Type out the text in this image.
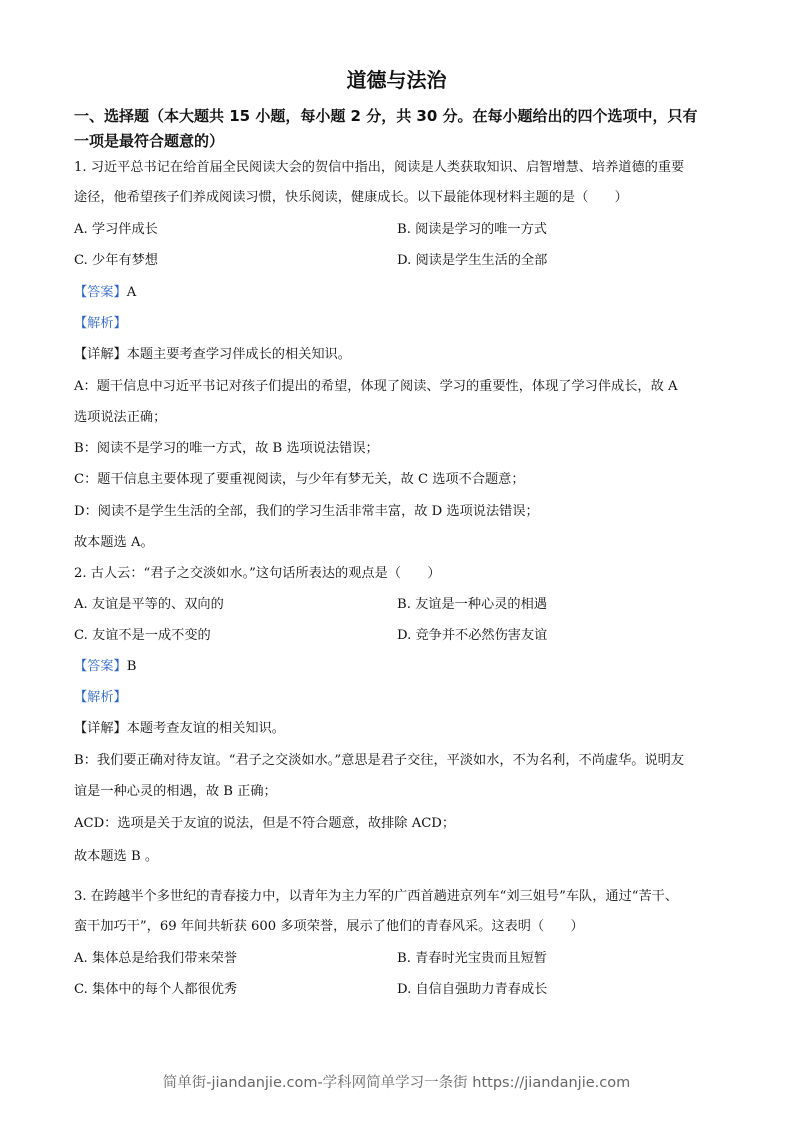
道德与法治
一、选择题（本大题共 15 小题，每小题 2 分，共 30 分。在每小题给出的四个选项中，只有
一项是最符合题意的）
1. 习近平总书记在给首届全民阅读大会的贺信中指出，阅读是人类获取知识、启智增慧、培养道德的重要
途径，他希望孩子们养成阅读习惯，快乐阅读，健康成长。以下最能体现材料主题的是（　　）
A. 学习伴成长	B. 阅读是学习的唯一方式
C. 少年有梦想	D. 阅读是学生生活的全部
【答案】A
【解析】
【详解】本题主要考查学习伴成长的相关知识。
A：题干信息中习近平书记对孩子们提出的希望，体现了阅读、学习的重要性，体现了学习伴成长，故 A
选项说法正确；
B：阅读不是学习的唯一方式，故 B 选项说法错误；
C：题干信息主要体现了要重视阅读，与少年有梦无关，故 C 选项不合题意；
D：阅读不是学生生活的全部，我们的学习生活非常丰富，故 D 选项说法错误；
故本题选 A。
2. 古人云：“君子之交淡如水。”这句话所表达的观点是（　　）
A. 友谊是平等的、双向的	B. 友谊是一种心灵的相遇
C. 友谊不是一成不变的	D. 竞争并不必然伤害友谊
【答案】B
【解析】
【详解】本题考查友谊的相关知识。
B：我们要正确对待友谊。“君子之交淡如水。”意思是君子交往，平淡如水，不为名利，不尚虚华。说明友
谊是一种心灵的相遇，故 B 正确；
ACD：选项是关于友谊的说法，但是不符合题意，故排除 ACD；
故本题选 B 。
3. 在跨越半个多世纪的青春接力中，以青年为主力军的广西首趟进京列车“刘三姐号”车队，通过“苦干、
蛮干加巧干”，69 年间共斩获 600 多项荣誉，展示了他们的青春风采。这表明（　　）
A. 集体总是给我们带来荣誉	B. 青春时光宝贵而且短暂
C. 集体中的每个人都很优秀	D. 自信自强助力青春成长
简单街-jiandanjie.com-学科网简单学习一条街 https://jiandanjie.com
